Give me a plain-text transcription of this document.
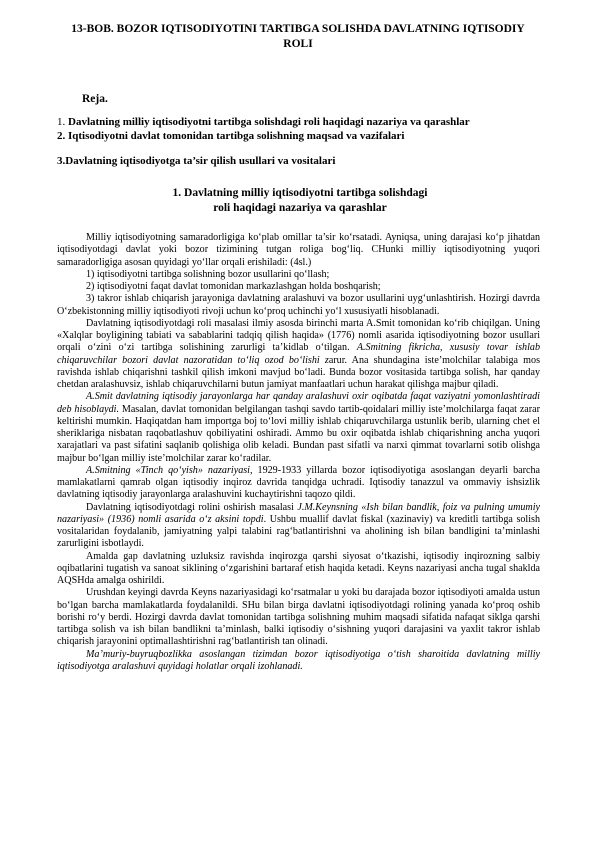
13-BOB. BOZOR IQTISODIYOTINI TARTIBGA SOLISHDA DAVLATNING IQTISODIY
ROLI
Reja.
1. Davlatning milliy iqtisodiyotni tartibga solishdagi roli haqidagi nazariya va qarashlar
2. Iqtisodiyotni davlat tomonidan tartibga solishning maqsad va vazifalari
3.Davlatning iqtisodiyotga ta’sir qilish usullari va vositalari
1. Davlatning milliy iqtisodiyotni tartibga solishdagi
roli haqidagi nazariya va qarashlar

Milliy iqtisodiyotning samaradorligiga ko‘plab omillar ta’sir ko‘rsatadi. Ayniqsa, uning darajasi ko‘p jihatdan iqtisodiyotdagi davlat yoki bozor tizimining tutgan roliga bog‘liq. CHunki milliy iqtisodiyotning yuqori samaradorligiga asosan quyidagi yo‘llar orqali erishiladi: (4sl.)

1) iqtisodiyotni tartibga solishning bozor usullarini qo‘llash;

2) iqtisodiyotni faqat davlat tomonidan markazlashgan holda boshqarish;

3) takror ishlab chiqarish jarayoniga davlatning aralashuvi va bozor usullarini uyg‘unlashtirish. Hozirgi davrda O‘zbekistonning milliy iqtisodiyoti rivoji uchun ko‘proq uchinchi yo‘l xususiyatli hisoblanadi.

Davlatning iqtisodiyotdagi roli masalasi ilmiy asosda birinchi marta A.Smit tomonidan ko‘rib chiqilgan. Uning «Xalqlar boyligining tabiati va sabablarini tadqiq qilish haqida» (1776) nomli asarida iqtisodiyotning bozor usullari orqali o‘zini o‘zi tartibga solishining zarurligi ta’kidlab o‘tilgan. A.Smitning fikricha, xususiy tovar ishlab chiqaruvchilar bozori davlat nazoratidan to‘liq ozod bo‘lishi zarur. Ana shundagina iste’molchilar talabiga mos ravishda ishlab chiqarishni tashkil qilish imkoni mavjud bo‘ladi. Bunda bozor vositasida tartibga solish, har qanday chetdan aralashuvsiz, ishlab chiqaruvchilarni butun jamiyat manfaatlari uchun harakat qilishga majbur qiladi.

A.Smit davlatning iqtisodiy jarayonlarga har qanday aralashuvi oxir oqibatda faqat vaziyatni yomonlashtiradi deb hisoblaydi. Masalan, davlat tomonidan belgilangan tashqi savdo tartib-qoidalari milliy iste’molchilarga faqat zarar keltirishi mumkin. Haqiqatdan ham importga boj to‘lovi milliy ishlab chiqaruvchilarga ustunlik berib, ularning chet el sheriklariga nisbatan raqobatlashuv qobiliyatini oshiradi. Ammo bu oxir oqibatda ishlab chiqarishning ancha yuqori xarajatlari va past sifatini saqlanib qolishiga olib keladi. Bundan past sifatli va narxi qimmat tovarlarni sotib olishga majbur bo‘lgan milliy iste’molchilar zarar ko‘radilar.

A.Smitning «Tinch qo‘yish» nazariyasi, 1929-1933 yillarda bozor iqtisodiyotiga asoslangan deyarli barcha mamlakatlarni qamrab olgan iqtisodiy inqiroz davrida tanqidga uchradi. Iqtisodiy tanazzul va ommaviy ishsizlik davlatning iqtisodiy jarayonlarga aralashuvini kuchaytirishni taqozo qildi.

Davlatning iqtisodiyotdagi rolini oshirish masalasi J.M.Keynsning «Ish bilan bandlik, foiz va pulning umumiy nazariyasi» (1936) nomli asarida o‘z aksini topdi. Ushbu muallif davlat fiskal (xazinaviy) va kreditli tartibga solish vositalaridan foydalanib, jamiyatning yalpi talabini rag‘batlantirishni va aholining ish bilan bandligini ta’minlashi zarurligini isbotlaydi.

Amalda gap davlatning uzluksiz ravishda inqirozga qarshi siyosat o‘tkazishi, iqtisodiy inqirozning salbiy oqibatlarini tugatish va sanoat siklining o‘zgarishini bartaraf etish haqida ketadi. Keyns nazariyasi ancha tugal shaklda AQSHda amalga oshirildi.

Urushdan keyingi davrda Keyns nazariyasidagi ko‘rsatmalar u yoki bu darajada bozor iqtisodiyoti amalda ustun bo‘lgan barcha mamlakatlarda foydalanildi. SHu bilan birga davlatni iqtisodiyotdagi rolining yanada ko‘proq oshib borishi ro‘y berdi. Hozirgi davrda davlat tomonidan tartibga solishning muhim maqsadi sifatida nafaqat siklga qarshi tartibga solish va ish bilan bandlikni ta’minlash, balki iqtisodiy o‘sishning yuqori darajasini va yaxlit takror ishlab chiqarish jarayonini optimallashtirishni rag‘batlantirish tan olinadi.

Ma’muriy-buyruqbozlikka asoslangan tizimdan bozor iqtisodiyotiga o‘tish sharoitida davlatning milliy iqtisodiyotga aralashuvi quyidagi holatlar orqali izohlanadi.
